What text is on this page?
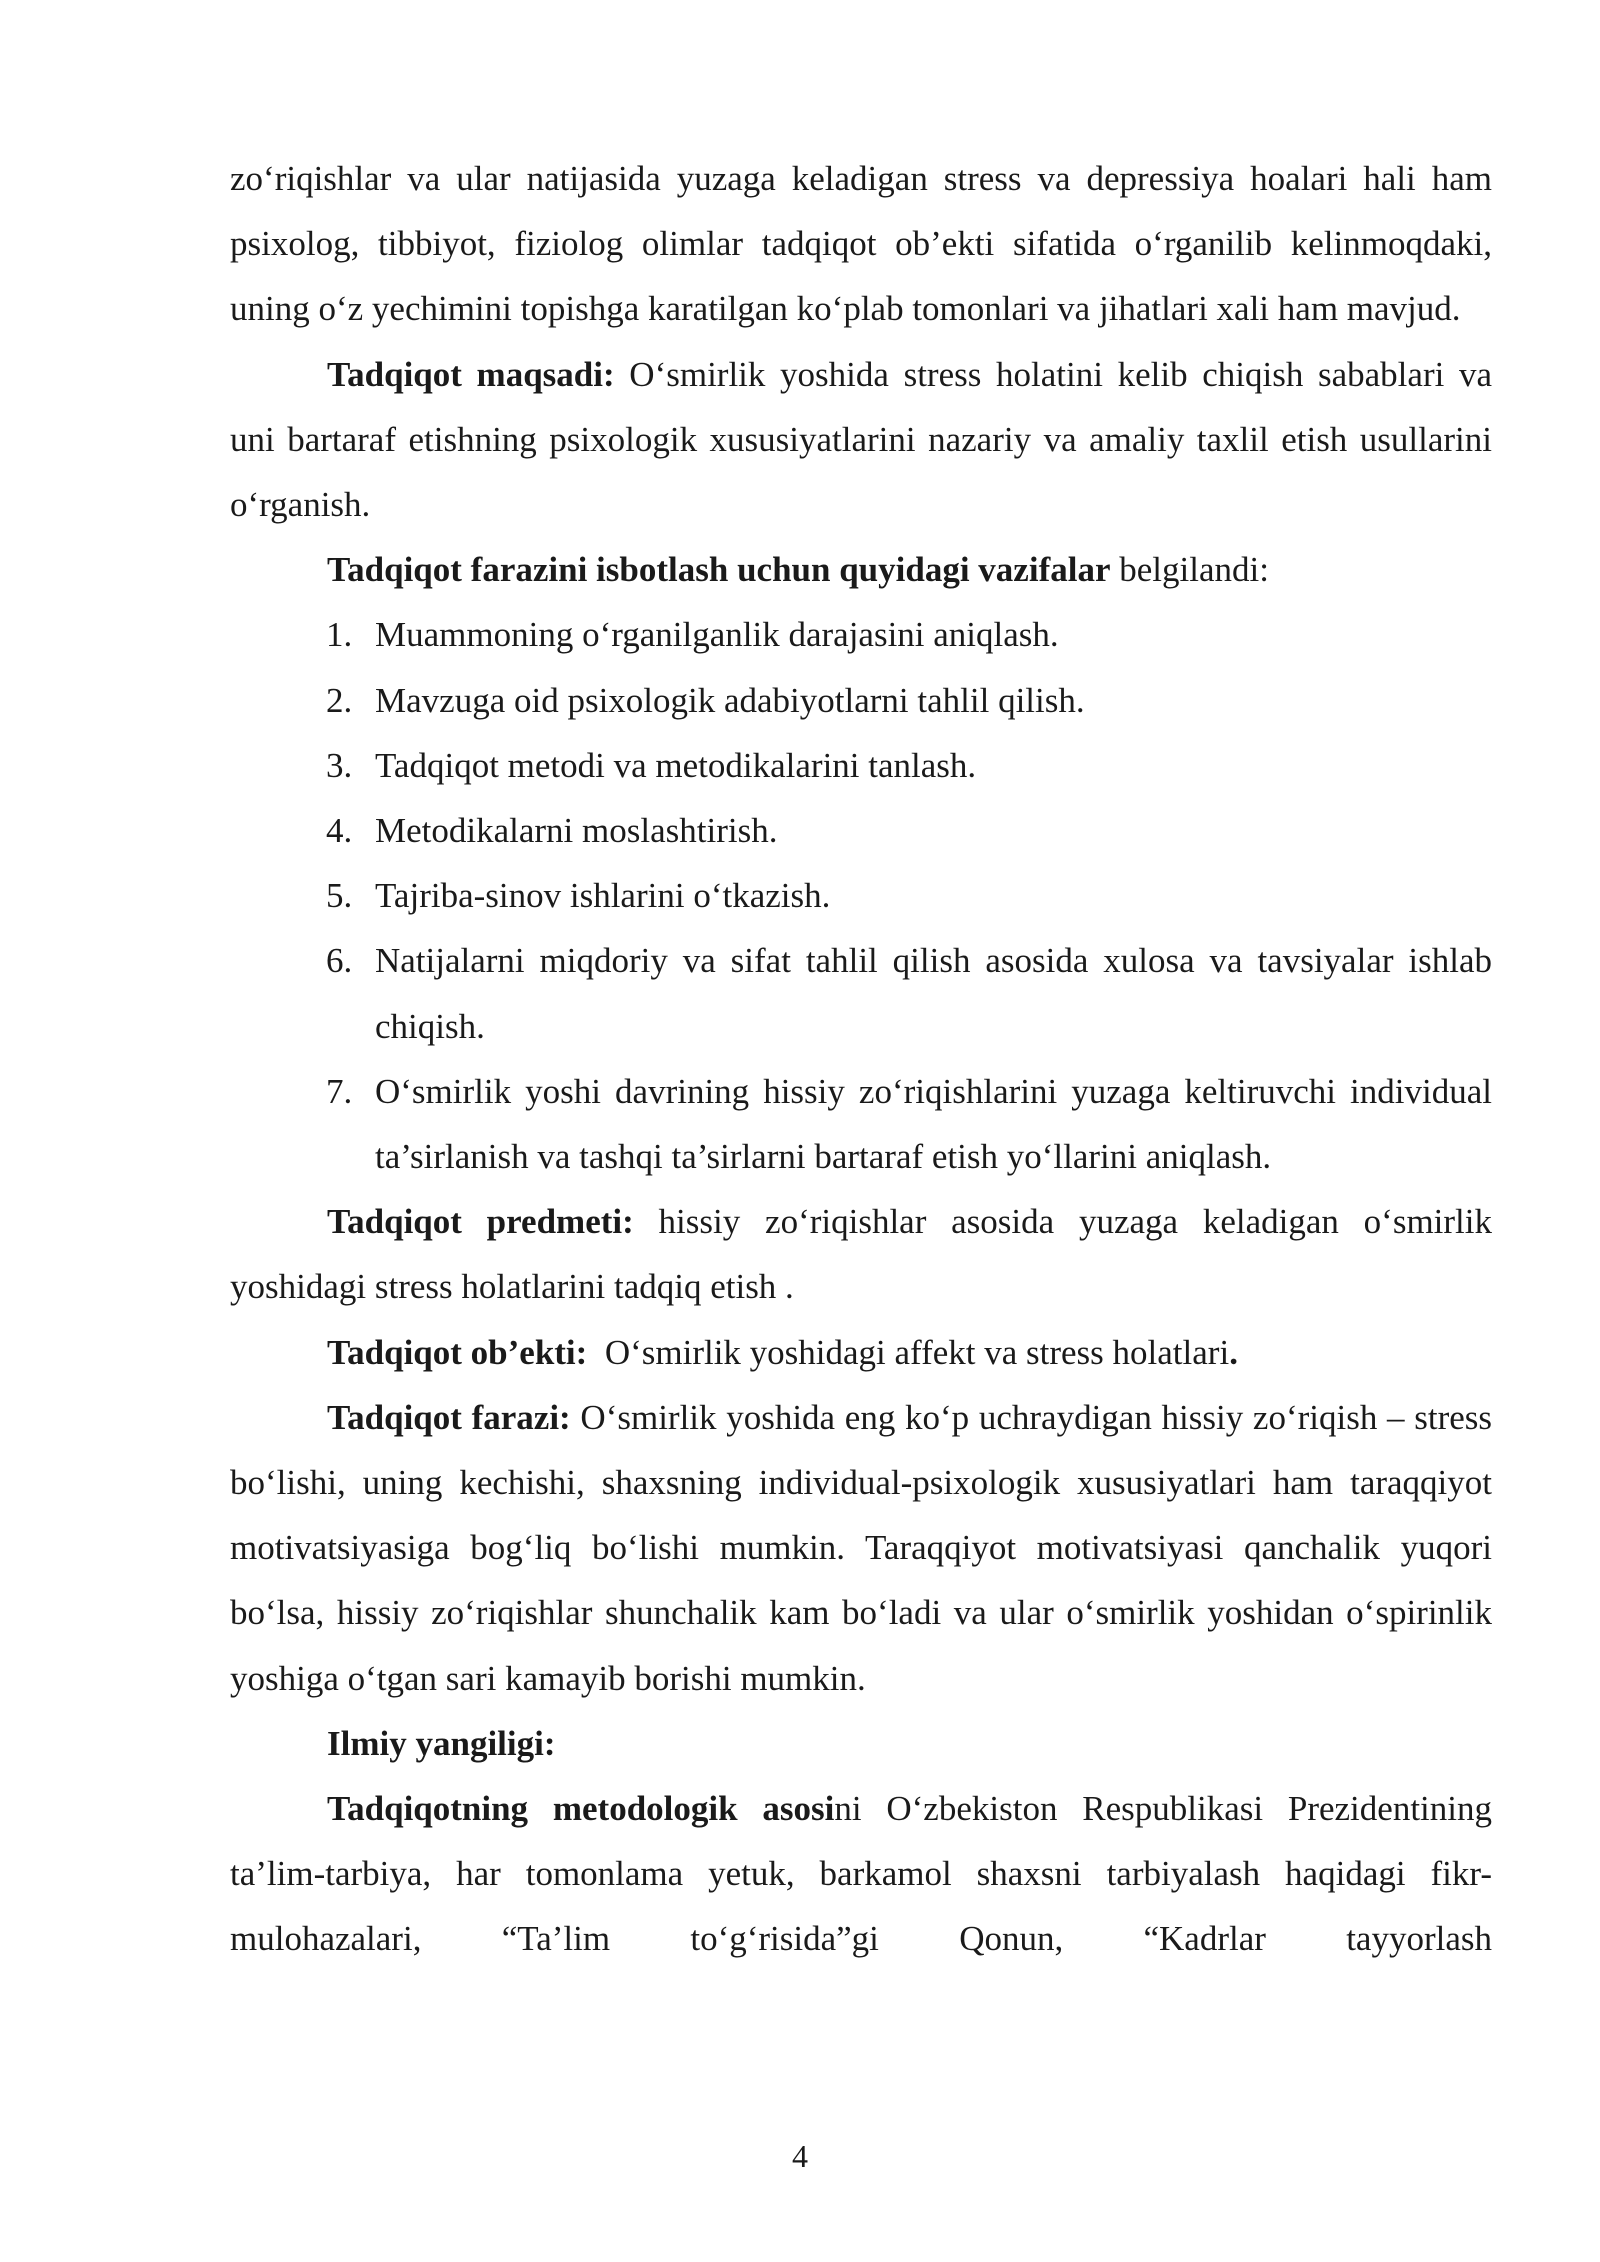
zo‘riqishlar va ular natijasida yuzaga keladigan stress va depressiya hoalari hali ham psixolog, tibbiyot, fiziolog olimlar tadqiqot ob’ekti sifatida o‘rganilib kelinmoqdaki, uning o‘z yechimini topishga karatilgan ko‘plab tomonlari va jihatlari xali ham mavjud.

Tadqiqot maqsadi: O‘smirlik yoshida stress holatini kelib chiqish sabablari va uni bartaraf etishning psixologik xususiyatlarini nazariy va amaliy taxlil etish usullarini o‘rganish.

Tadqiqot farazini isbotlash uchun quyidagi vazifalar belgilandi:

1. Muammoning o‘rganilganlik darajasini aniqlash.
2. Mavzuga oid psixologik adabiyotlarni tahlil qilish.
3. Tadqiqot metodi va metodikalarini tanlash.
4. Metodikalarni moslashtirish.
5. Tajriba-sinov ishlarini o‘tkazish.
6. Natijalarni miqdoriy va sifat tahlil qilish asosida xulosa va tavsiyalar ishlab chiqish.
7. O‘smirlik yoshi davrining hissiy zo‘riqishlarini yuzaga keltiruvchi individual ta’sirlanish va tashqi ta’sirlarni bartaraf etish yo‘llarini aniqlash.

Tadqiqot predmeti: hissiy zo‘riqishlar asosida yuzaga keladigan o‘smirlik yoshidagi stress holatlarini tadqiq etish .

Tadqiqot ob’ekti:  O‘smirlik yoshidagi affekt va stress holatlari.

Tadqiqot farazi: O‘smirlik yoshida eng ko‘p uchraydigan hissiy zo‘riqish – stress bo‘lishi, uning kechishi, shaxsning individual-psixologik xususiyatlari ham taraqqiyot motivatsiyasiga bog‘liq bo‘lishi mumkin. Taraqqiyot motivatsiyasi qanchalik yuqori bo‘lsa, hissiy zo‘riqishlar shunchalik kam bo‘ladi va ular o‘smirlik yoshidan o‘spirinlik yoshiga o‘tgan sari kamayib borishi mumkin.

Ilmiy yangiligi:

Tadqiqotning metodologik asosini O‘zbekiston Respublikasi Prezidentining ta’lim-tarbiya, har tomonlama yetuk, barkamol shaxsni tarbiyalash haqidagi fikr-mulohazalari, “Ta’lim to‘g‘risida”gi Qonun, “Kadrlar tayyorlash

4
